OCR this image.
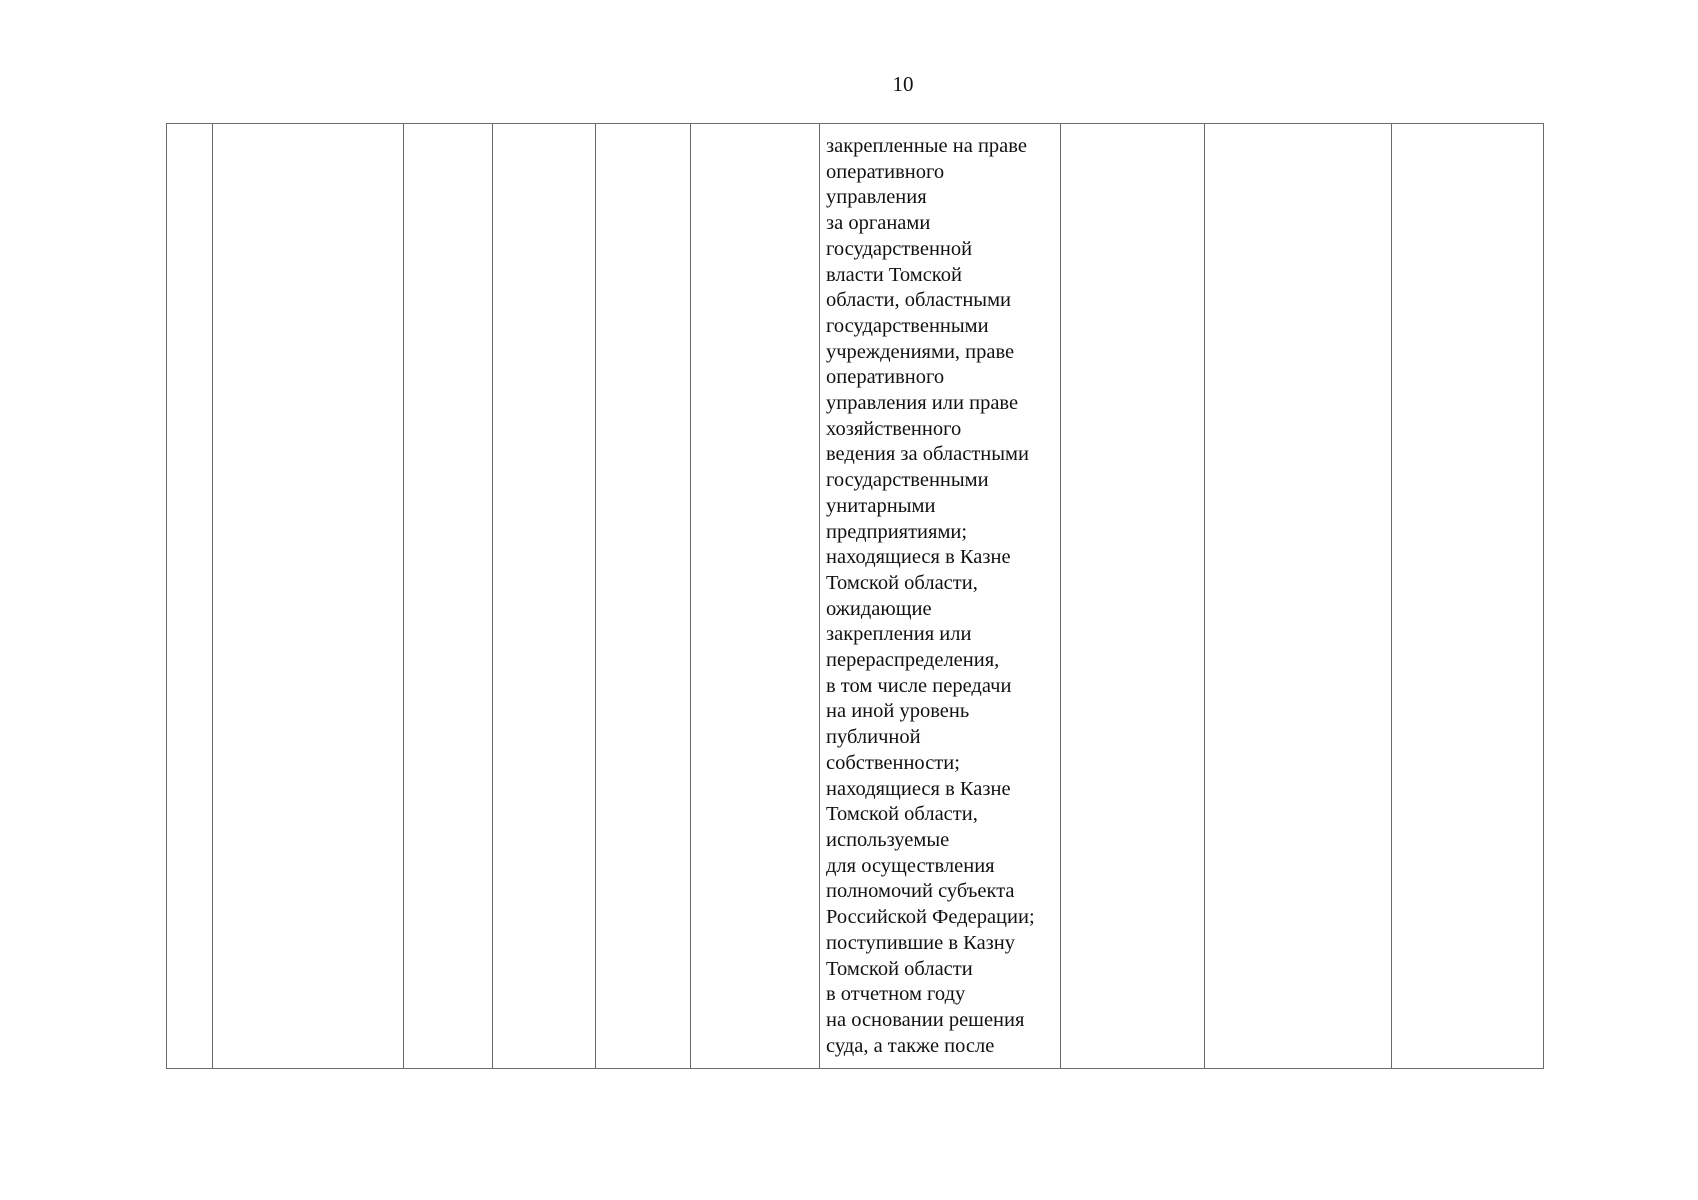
10

закрепленные на праве
оперативного
управления
за органами
государственной
власти Томской
области, областными
государственными
учреждениями, праве
оперативного
управления или праве
хозяйственного
ведения за областными
государственными
унитарными
предприятиями;
находящиеся в Казне
Томской области,
ожидающие
закрепления или
перераспределения,
в том числе передачи
на иной уровень
публичной
собственности;
находящиеся в Казне
Томской области,
используемые
для осуществления
полномочий субъекта
Российской Федерации;
поступившие в Казну
Томской области
в отчетном году
на основании решения
суда, а также после
